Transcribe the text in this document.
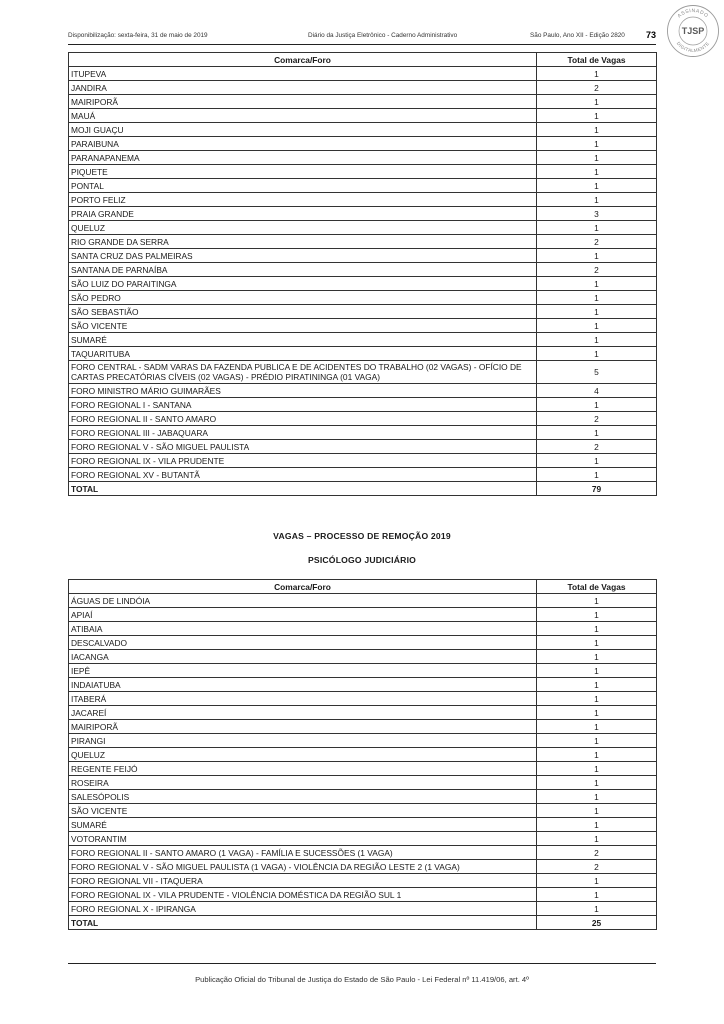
Disponibilização: sexta-feira, 31 de maio de 2019	Diário da Justiça Eletrônico - Caderno Administrativo	São Paulo, Ano XII - Edição 2820 73
ASSINADO
TJSP
DIGITALMENTE
Comarca/Foro	Total de Vagas
ITUPEVA	1
JANDIRA	2
MAIRIPORÃ	1
MAUÁ	1
MOJI GUAÇU	1
PARAIBUNA	1
PARANAPANEMA	1
PIQUETE	1
PONTAL	1
PORTO FELIZ	1
PRAIA GRANDE	3
QUELUZ	1
RIO GRANDE DA SERRA	2
SANTA CRUZ DAS PALMEIRAS	1
SANTANA DE PARNAÍBA	2
SÃO LUIZ DO PARAITINGA	1
SÃO PEDRO	1
SÃO SEBASTIÃO	1
SÃO VICENTE	1
SUMARÉ	1
TAQUARITUBA	1
FORO CENTRAL - SADM VARAS DA FAZENDA PUBLICA E DE ACIDENTES DO TRABALHO (02 VAGAS) - OFÍCIO DE CARTAS PRECATÓRIAS CÍVEIS (02 VAGAS) - PRÉDIO PIRATININGA (01 VAGA)	5
FORO MINISTRO MÁRIO GUIMARÃES	4
FORO REGIONAL I - SANTANA	1
FORO REGIONAL II - SANTO AMARO	2
FORO REGIONAL III - JABAQUARA	1
FORO REGIONAL V - SÃO MIGUEL PAULISTA	2
FORO REGIONAL IX - VILA PRUDENTE	1
FORO REGIONAL XV - BUTANTÃ	1
TOTAL	79
VAGAS – PROCESSO DE REMOÇÃO 2019
PSICÓLOGO JUDICIÁRIO
Comarca/Foro	Total de Vagas
ÁGUAS DE LINDÓIA	1
APIAÍ	1
ATIBAIA	1
DESCALVADO	1
IACANGA	1
IEPÊ	1
INDAIATUBA	1
ITABERÁ	1
JACAREÍ	1
MAIRIPORÃ	1
PIRANGI	1
QUELUZ	1
REGENTE FEIJÓ	1
ROSEIRA	1
SALESÓPOLIS	1
SÃO VICENTE	1
SUMARÉ	1
VOTORANTIM	1
FORO REGIONAL II - SANTO AMARO (1 VAGA) - FAMÍLIA E SUCESSÕES (1 VAGA)	2
FORO REGIONAL V - SÃO MIGUEL PAULISTA (1 VAGA) - VIOLÊNCIA DA REGIÃO LESTE 2 (1 VAGA)	2
FORO REGIONAL VII - ITAQUERA	1
FORO REGIONAL IX - VILA PRUDENTE - VIOLÊNCIA DOMÉSTICA DA REGIÃO SUL 1	1
FORO REGIONAL X - IPIRANGA	1
TOTAL	25
Publicação Oficial do Tribunal de Justiça do Estado de São Paulo - Lei Federal nº 11.419/06, art. 4º
